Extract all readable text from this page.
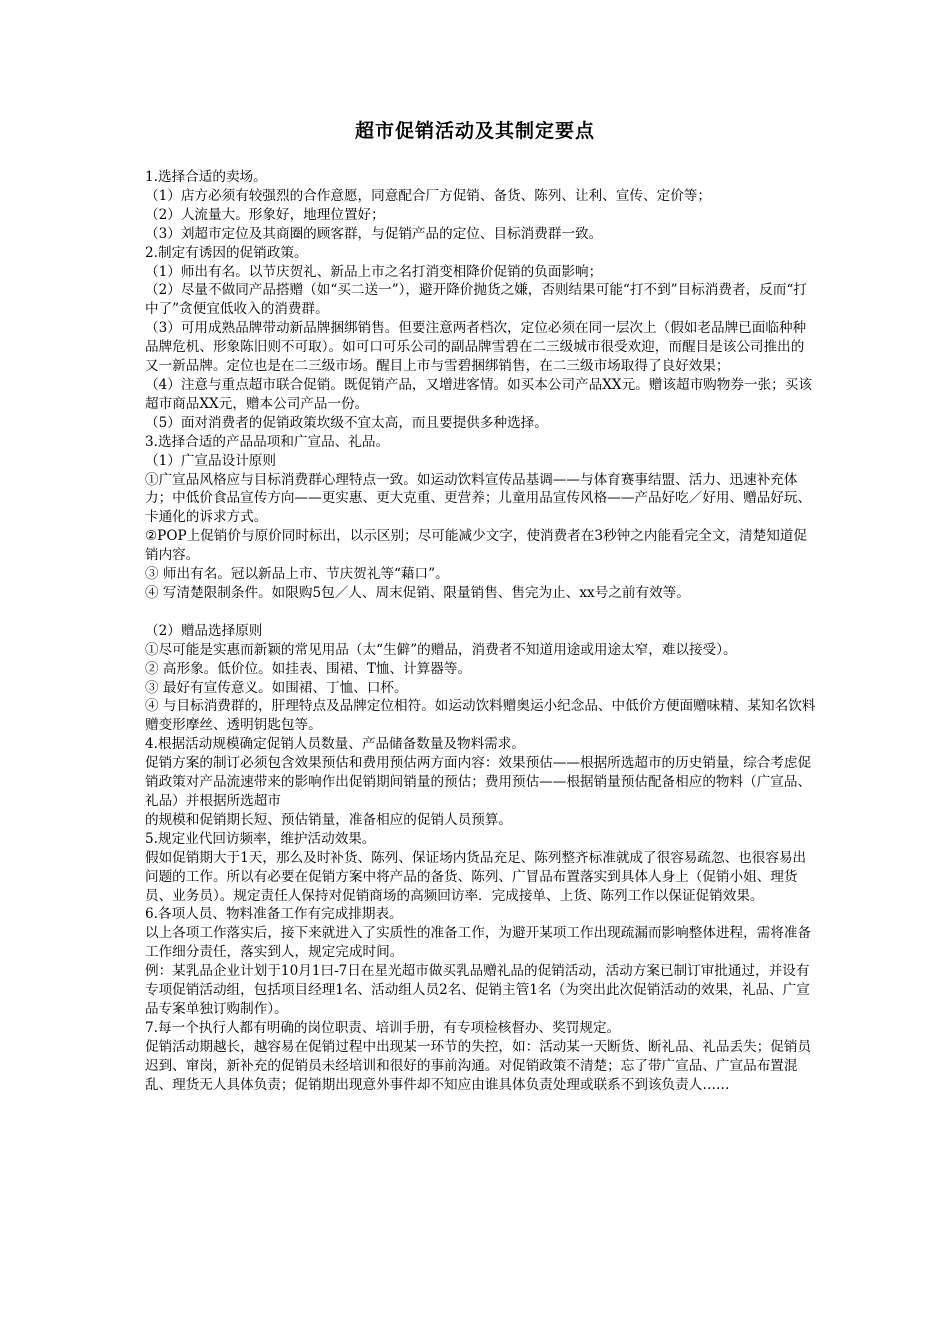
超市促销活动及其制定要点

1.选择合适的卖场。

（1）店方必须有较强烈的合作意愿，同意配合厂方促销、备货、陈列、让利、宣传、定价等；

（2）人流量大。形象好，地理位置好；

（3）刘超市定位及其商圈的顾客群，与促销产品的定位、目标消费群一致。

2.制定有诱因的促销政策。

（1）师出有名。以节庆贺礼、新品上市之名打消变相降价促销的负面影响；

（2）尽量不做同产品搭赠（如“买二送一”），避开降价抛货之嫌，否则结果可能“打不到”目标消费者，反而“打中了”贪便宜低收入的消费群。

（3）可用成熟品牌带动新品牌捆绑销售。但要注意两者档次，定位必须在同一层次上（假如老品牌已面临种种品牌危机、形象陈旧则不可取）。如可口可乐公司的副品牌雪碧在二三级城市很受欢迎，而醒目是该公司推出的又一新品牌。定位也是在二三级市场。醒目上市与雪碧捆绑销售，在二三级市场取得了良好效果；

（4）注意与重点超市联合促销。既促销产品，又增进客情。如买本公司产品XX元。赠该超市购物券一张；买该超市商品XX元，赠本公司产品一份。

（5）面对消费者的促销政策坎级不宜太高，而且要提供多种选择。

3.选择合适的产品品项和广宣品、礼品。

（1）广宣品设计原则

①广宣品风格应与目标消费群心理特点一致。如运动饮料宣传品基调——与体育赛事结盟、活力、迅速补充体力；中低价食品宣传方向——更实惠、更大克重、更营养；儿童用品宣传风格——产品好吃／好用、赠品好玩、卡通化的诉求方式。

②POP上促销价与原价同时标出，以示区别；尽可能减少文字，使消费者在3秒钟之内能看完全文，清楚知道促销内容。

③ 师出有名。冠以新品上市、节庆贺礼等“藉口”。

④ 写清楚限制条件。如限购5包／人、周末促销、限量销售、售完为止、xx号之前有效等。

（2）赠品选择原则

①尽可能是实惠而新颖的常见用品（太“生僻”的赠品，消费者不知道用途或用途太窄，难以接受）。

② 高形象。低价位。如挂表、围裙、T恤、计算器等。

③ 最好有宣传意义。如围裙、丁恤、口杯。

④ 与目标消费群的，肝理特点及品牌定位相符。如运动饮料赠奥运小纪念品、中低价方便面赠味精、某知名饮料赠变形摩丝、透明钥匙包等。

4.根据活动规模确定促销人员数量、产品储备数量及物料需求。

促销方案的制订必须包含效果预估和费用预估两方面内容：效果预估——根据所选超市的历史销量，综合考虑促销政策对产品流速带来的影响作出促销期间销量的预估；费用预估——根据销量预估配备相应的物料（广宣品、礼品）并根据所选超市

的规模和促销期长短、预估销量，准备相应的促销人员预算。

5.规定业代回访频率，维护活动效果。

假如促销期大于1天，那么及时补货、陈列、保证场内货品充足、陈列整齐标准就成了很容易疏忽、也很容易出问题的工作。所以有必要在促销方案中将产品的备货、陈列、广冒品布置落实到具体人身上（促销小姐、理货员、业务员）。规定责任人保持对促销商场的高频回访率．完成接单、上货、陈列工作以保证促销效果。

6.各项人员、物料准备工作有完成排期表。

以上各项工作落实后，接下来就进入了实质性的准备工作，为避开某项工作出现疏漏而影响整体进程，需将准备工作细分责任，落实到人，规定完成时间。

例：某乳品企业计划于10月1曰-7日在星光超市做买乳品赠礼品的促销活动，活动方案已制订审批通过，并设有专项促销活动组，包括项目经理1名、活动组人员2名、促销主管1名（为突出此次促销活动的效果，礼品、广宣品专案单独订购制作）。

7.每一个执行人都有明确的岗位职责、培训手册，有专项检核督办、奖罚规定。

促销活动期越长，越容易在促销过程中出现某一环节的失控，如：活动某一天断货、断礼品、礼品丢失；促销员迟到、窜岗，新补充的促销员未经培训和很好的事前沟通。对促销政策不清楚；忘了带广宣品、广宣品布置混乱、理货无人具体负责；促销期出现意外事件却不知应由谁具体负责处理或联系不到该负责人……
